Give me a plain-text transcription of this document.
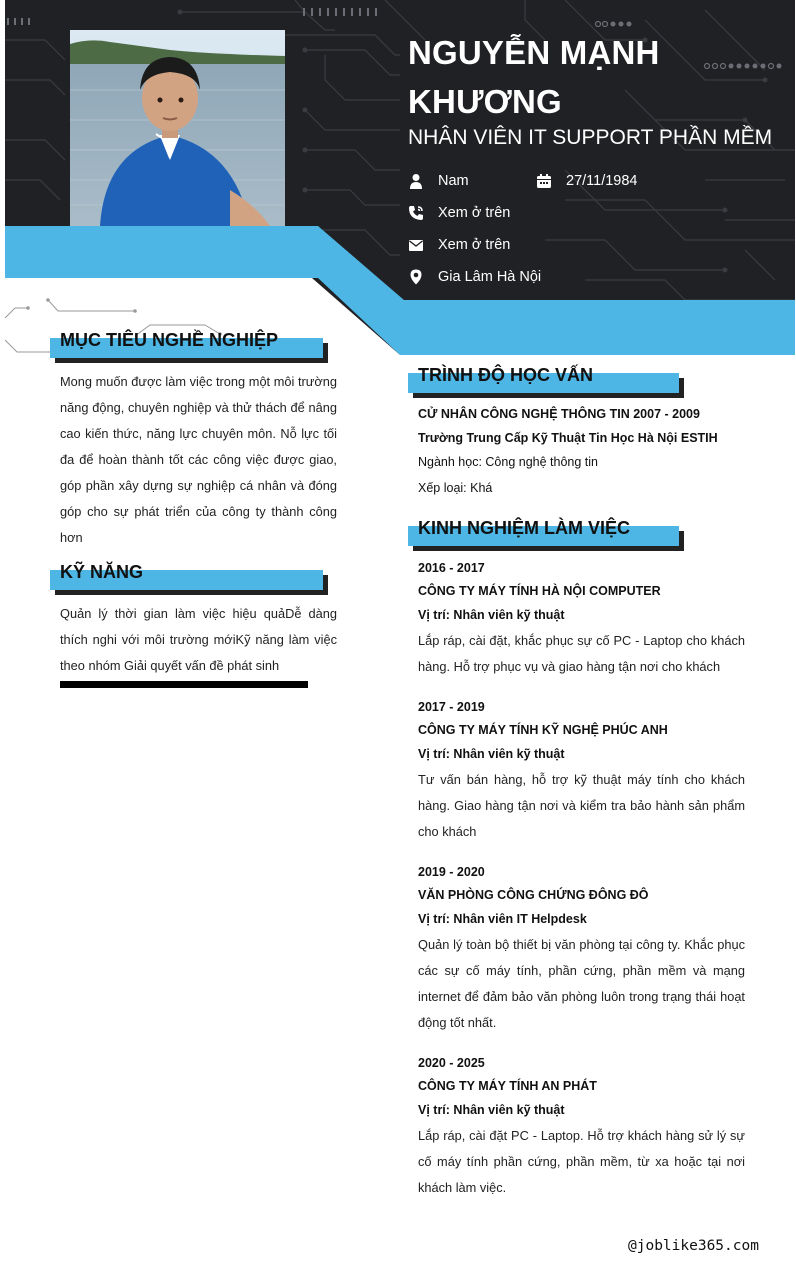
NGUYỄN MẠNH KHƯƠNG
NHÂN VIÊN IT SUPPORT PHẦN MỀM
Nam	27/11/1984
Xem ở trên
Xem ở trên
Gia Lâm Hà Nội
MỤC TIÊU NGHỀ NGHIỆP
Mong muốn được làm việc trong một môi trường năng động, chuyên nghiệp và thử thách để nâng cao kiến thức, năng lực chuyên môn. Nỗ lực tối đa để hoàn thành tốt các công việc được giao, góp phần xây dựng sự nghiệp cá nhân và đóng góp cho sự phát triển của công ty thành công hơn
KỸ NĂNG
Quản lý thời gian làm việc hiệu quảDễ dàng thích nghi với môi trường mớiKỹ năng làm việc theo nhóm Giải quyết vấn đề phát sinh
TRÌNH ĐỘ HỌC VẤN
CỬ NHÂN CÔNG NGHỆ THÔNG TIN 2007 - 2009
Trường Trung Cấp Kỹ Thuật Tin Học Hà Nội ESTIH
Ngành học: Công nghệ thông tin
Xếp loại: Khá
KINH NGHIỆM LÀM VIỆC
2016 - 2017
CÔNG TY MÁY TÍNH HÀ NỘI COMPUTER
Vị trí: Nhân viên kỹ thuật
Lắp ráp, cài đặt, khắc phục sự cố PC - Laptop cho khách hàng. Hỗ trợ phục vụ và giao hàng tận nơi cho khách
2017 - 2019
CÔNG TY MÁY TÍNH KỸ NGHỆ PHÚC ANH
Vị trí: Nhân viên kỹ thuật
Tư vấn bán hàng, hỗ trợ kỹ thuật máy tính cho khách hàng. Giao hàng tận nơi và kiểm tra bảo hành sản phẩm cho khách
2019 - 2020
VĂN PHÒNG CÔNG CHỨNG ĐÔNG ĐÔ
Vị trí: Nhân viên IT Helpdesk
Quản lý toàn bộ thiết bị văn phòng tại công ty. Khắc phục các sự cố máy tính, phần cứng, phần mềm và mạng internet để đảm bảo văn phòng luôn trong trạng thái hoạt động tốt nhất.
2020 - 2025
CÔNG TY MÁY TÍNH AN PHÁT
Vị trí: Nhân viên kỹ thuật
Lắp ráp, cài đặt PC - Laptop. Hỗ trợ khách hàng sử lý sự cố máy tính phần cứng, phần mềm, từ xa hoặc tại nơi khách làm việc.
@joblike365.com
